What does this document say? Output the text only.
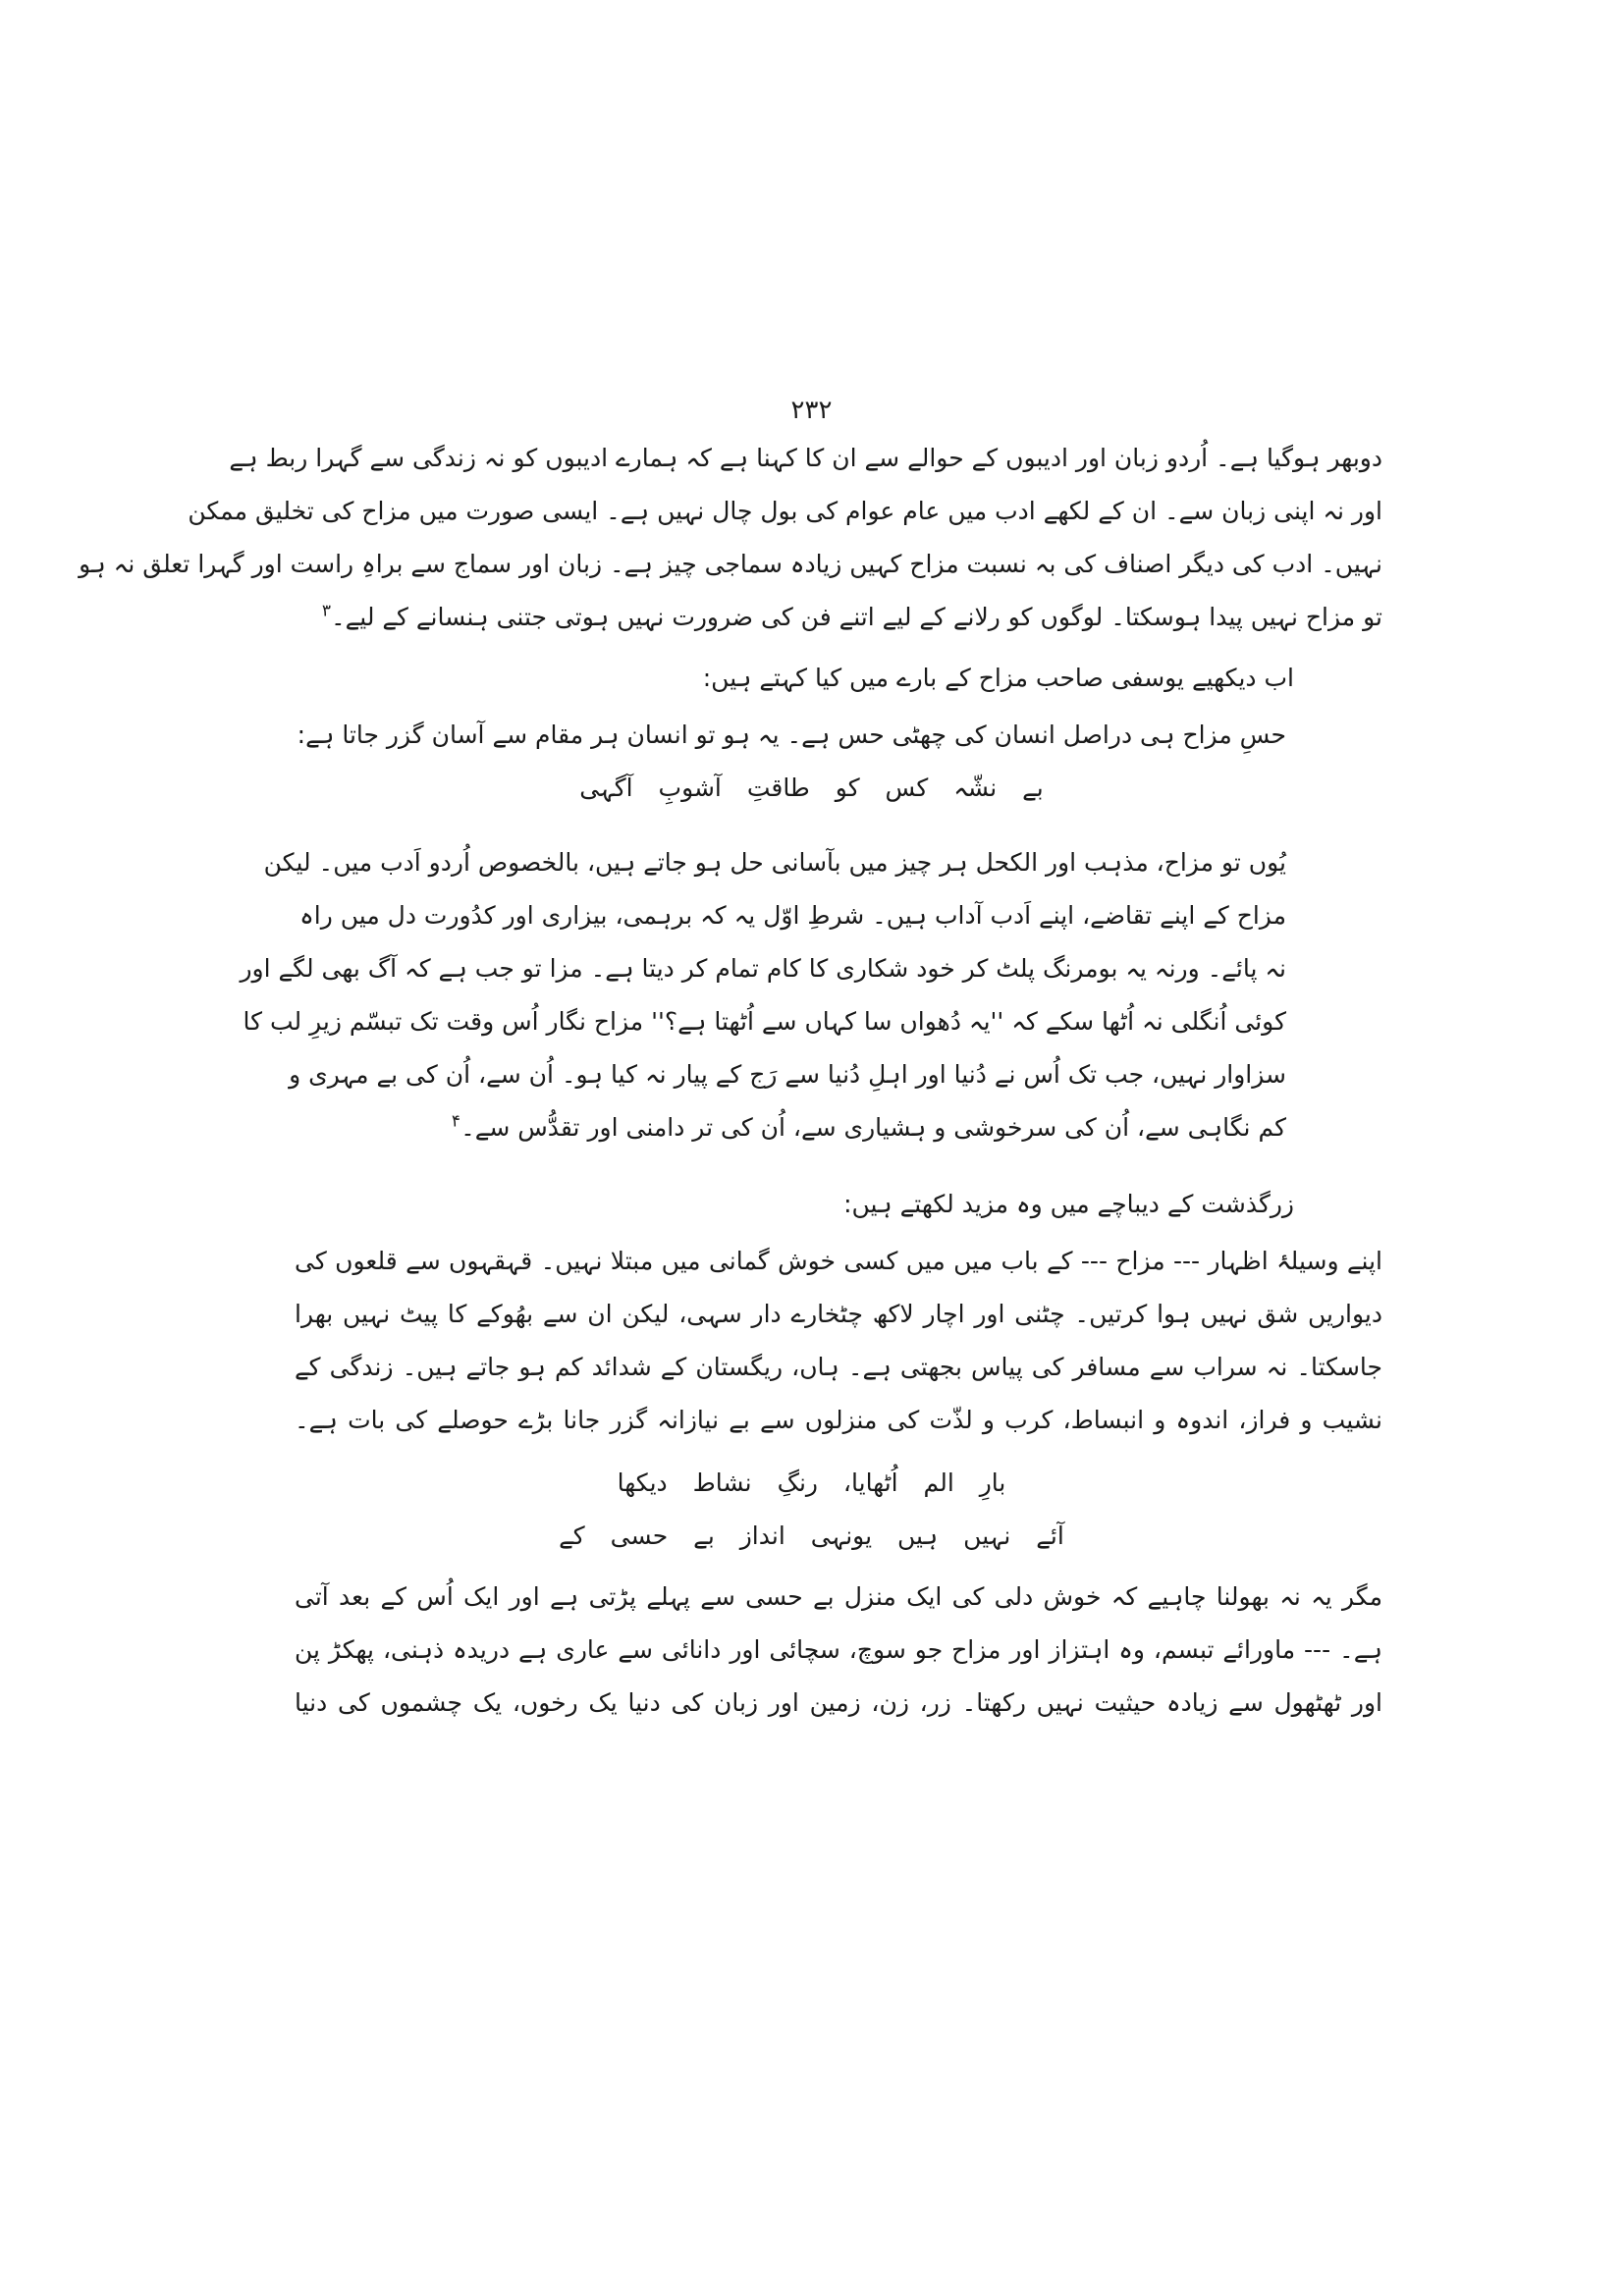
۲۳۲
دوبھر ہوگیا ہے۔ اُردو زبان اور ادیبوں کے حوالے سے ان کا کہنا ہے کہ ہمارے ادیبوں کو نہ زندگی سے گہرا ربط ہے
اور نہ اپنی زبان سے۔ ان کے لکھے ادب میں عام عوام کی بول چال نہیں ہے۔ ایسی صورت میں مزاح کی تخلیق ممکن
نہیں۔ ادب کی دیگر اصناف کی بہ نسبت مزاح کہیں زیادہ سماجی چیز ہے۔ زبان اور سماج سے براہِ راست اور گہرا تعلق نہ ہو
تو مزاح نہیں پیدا ہوسکتا۔ لوگوں کو رلانے کے لیے اتنے فن کی ضرورت نہیں ہوتی جتنی ہنسانے کے لیے۔$^۳$
اب دیکھیے یوسفی صاحب مزاح کے بارے میں کیا کہتے ہیں:
حسِ مزاح ہی دراصل انسان کی چھٹی حس ہے۔ یہ ہو تو انسان ہر مقام سے آسان گزر جاتا ہے:
بے نشّہ کس کو طاقتِ آشوبِ آگہی
یُوں تو مزاح، مذہب اور الکحل ہر چیز میں بآسانی حل ہو جاتے ہیں، بالخصوص اُردو اَدب میں۔ لیکن
مزاح کے اپنے تقاضے، اپنے اَدب آداب ہیں۔ شرطِ اوّل یہ کہ برہمی، بیزاری اور کدُورت دل میں راہ
نہ پائے۔ ورنہ یہ بومرنگ پلٹ کر خود شکاری کا کام تمام کر دیتا ہے۔ مزا تو جب ہے کہ آگ بھی لگے اور
کوئی اُنگلی نہ اُٹھا سکے کہ ''یہ دُھواں سا کہاں سے اُٹھتا ہے؟'' مزاح نگار اُس وقت تک تبسّم زیرِ لب کا
سزاوار نہیں، جب تک اُس نے دُنیا اور اہلِ دُنیا سے رَج کے پیار نہ کیا ہو۔ اُن سے، اُن کی بے مہری و
کم نگاہی سے، اُن کی سرخوشی و ہشیاری سے، اُن کی تر دامنی اور تقدُّس سے۔$^۴$
زرگذشت کے دیباچے میں وہ مزید لکھتے ہیں:
اپنے وسیلۂ اظہار --- مزاح --- کے باب میں میں کسی خوش گمانی میں مبتلا نہیں۔ قہقہوں سے قلعوں کی
دیواریں شق نہیں ہوا کرتیں۔ چٹنی اور اچار لاکھ چٹخارے دار سہی، لیکن ان سے بھُوکے کا پیٹ نہیں بھرا
جاسکتا۔ نہ سراب سے مسافر کی پیاس بجھتی ہے۔ ہاں، ریگستان کے شدائد کم ہو جاتے ہیں۔ زندگی کے
نشیب و فراز، اندوہ و انبساط، کرب و لذّت کی منزلوں سے بے نیازانہ گزر جانا بڑے حوصلے کی بات ہے۔
بارِ الم اُٹھایا، رنگِ نشاط دیکھا
آئے نہیں ہیں یونہی انداز بے حسی کے
مگر یہ نہ بھولنا چاہیے کہ خوش دلی کی ایک منزل بے حسی سے پہلے پڑتی ہے اور ایک اُس کے بعد آتی
ہے۔ --- ماورائے تبسم، وہ اہتزاز اور مزاح جو سوچ، سچائی اور دانائی سے عاری ہے دریدہ ذہنی، پھکڑ پن
اور ٹھٹھول سے زیادہ حیثیت نہیں رکھتا۔ زر، زن، زمین اور زبان کی دنیا یک رخوں، یک چشموں کی دنیا
